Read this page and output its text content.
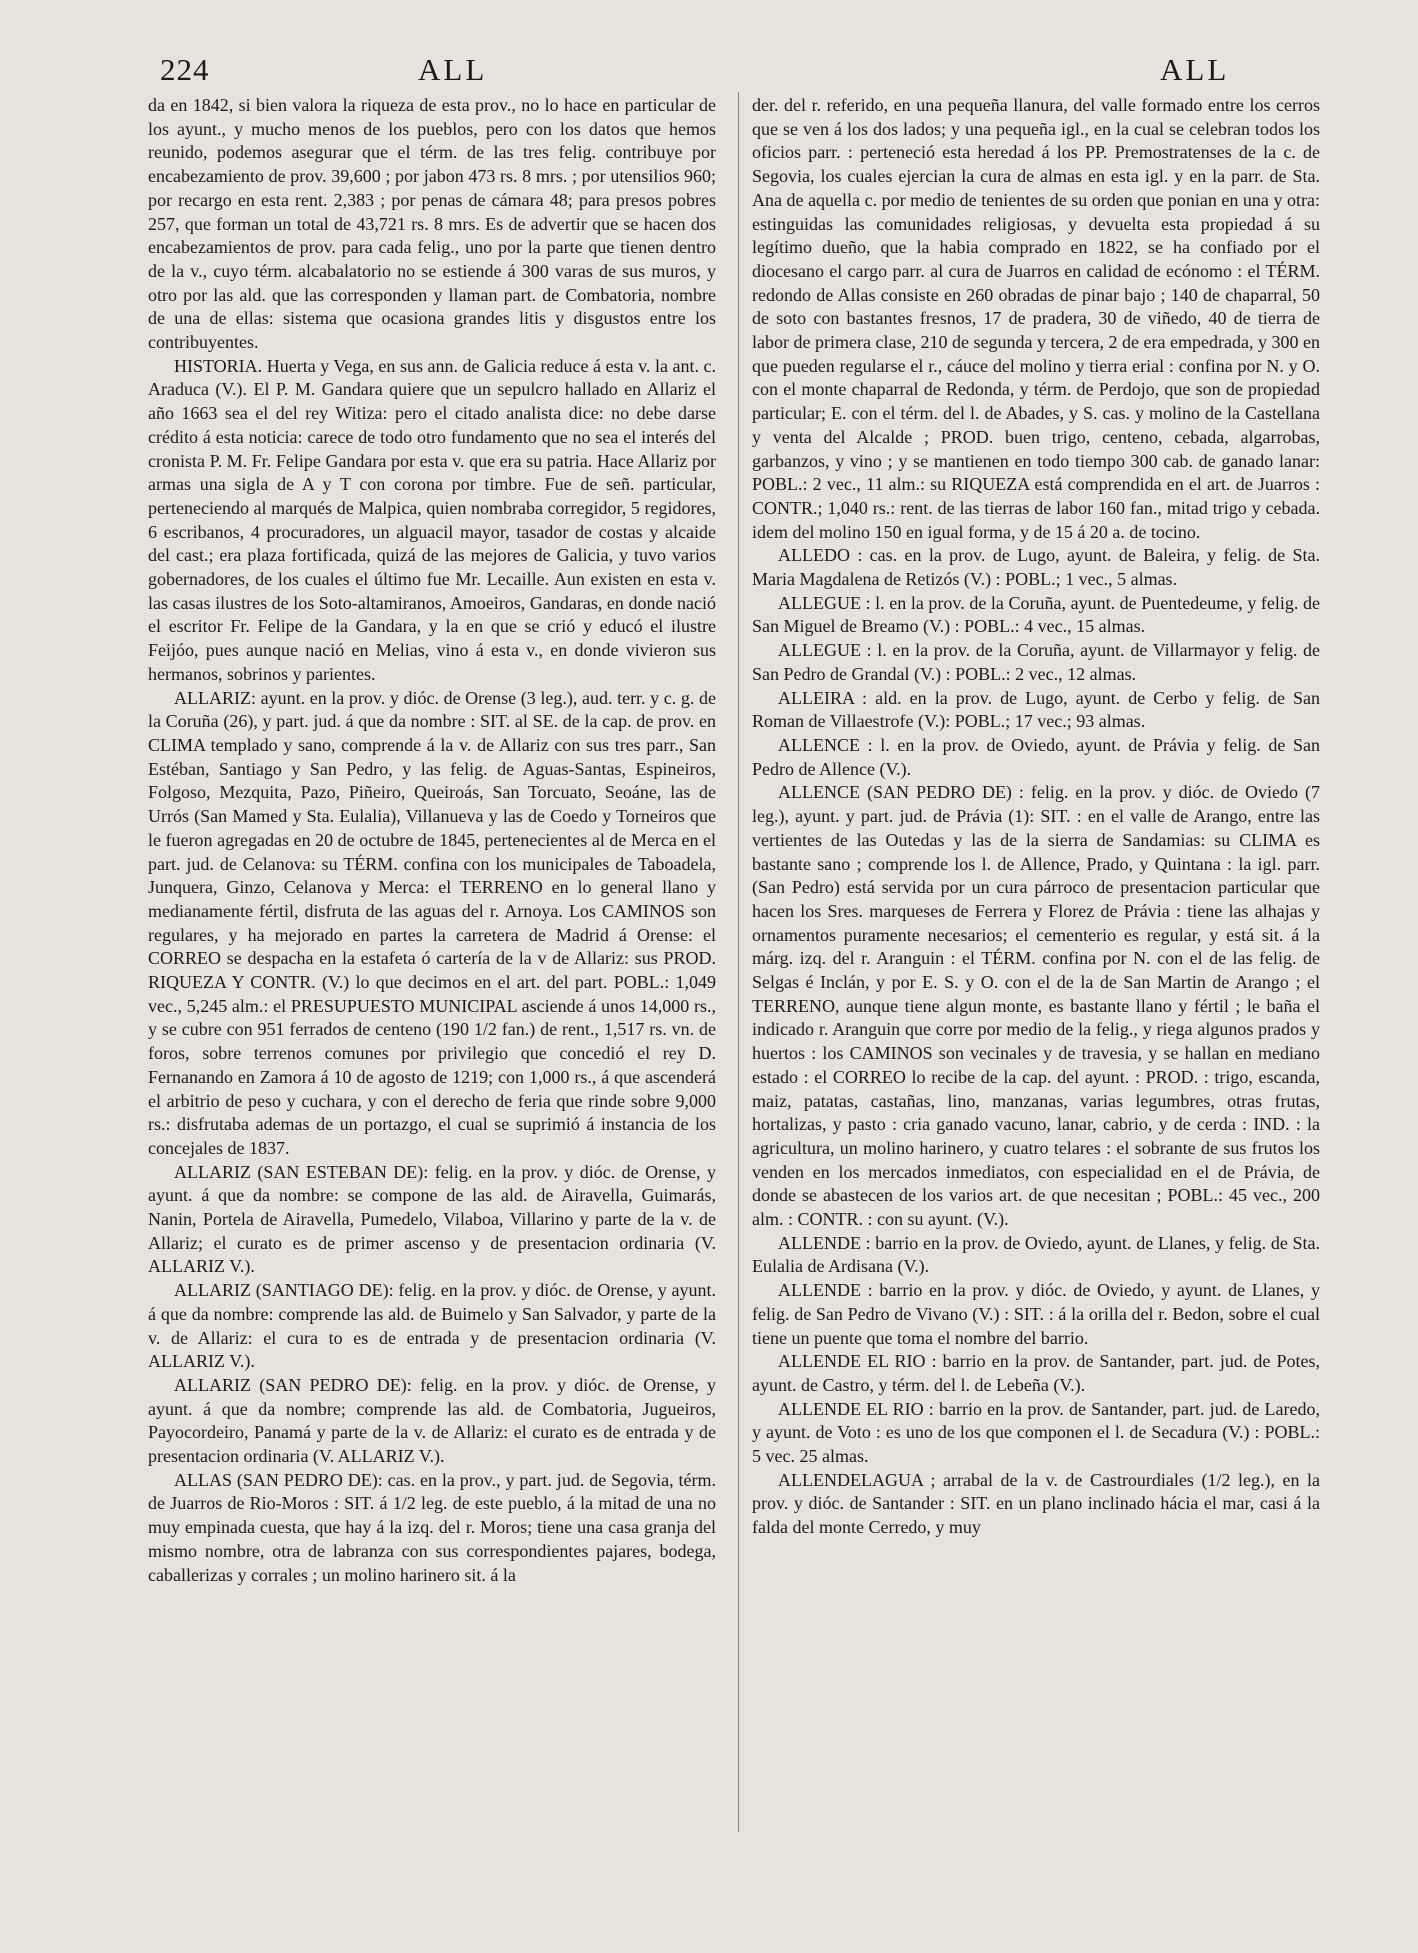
224	ALL	ALL

da en 1842, si bien valora la riqueza de esta prov., no lo hace en particular de los ayunt., y mucho menos de los pueblos, pero con los datos que hemos reunido, podemos asegurar que el térm. de las tres felig. contribuye por encabezamiento de prov. 39,600 ; por jabon 473 rs. 8 mrs. ; por utensilios 960; por recargo en esta rent. 2,383 ; por penas de cámara 48; para presos pobres 257, que forman un total de 43,721 rs. 8 mrs. Es de advertir que se hacen dos encabezamientos de prov. para cada felig., uno por la parte que tienen dentro de la v., cuyo térm. alcabalatorio no se estiende á 300 varas de sus muros, y otro por las ald. que las corresponden y llaman part. de Combatoria, nombre de una de ellas: sistema que ocasiona grandes litis y disgustos entre los contribuyentes.

HISTORIA. Huerta y Vega, en sus ann. de Galicia reduce á esta v. la ant. c. Araduca (V.). El P. M. Gandara quiere que un sepulcro hallado en Allariz el año 1663 sea el del rey Witiza: pero el citado analista dice: no debe darse crédito á esta noticia: carece de todo otro fundamento que no sea el interés del cronista P. M. Fr. Felipe Gandara por esta v. que era su patria. Hace Allariz por armas una sigla de A y T con corona por timbre. Fue de señ. particular, perteneciendo al marqués de Malpica, quien nombraba corregidor, 5 regidores, 6 escribanos, 4 procuradores, un alguacil mayor, tasador de costas y alcaide del cast.; era plaza fortificada, quizá de las mejores de Galicia, y tuvo varios gobernadores, de los cuales el último fue Mr. Lecaille. Aun existen en esta v. las casas ilustres de los Soto-altamiranos, Amoeiros, Gandaras, en donde nació el escritor Fr. Felipe de la Gandara, y la en que se crió y educó el ilustre Feijóo, pues aunque nació en Melias, vino á esta v., en donde vivieron sus hermanos, sobrinos y parientes.

ALLARIZ: ayunt. en la prov. y dióc. de Orense (3 leg.), aud. terr. y c. g. de la Coruña (26), y part. jud. á que da nombre : SIT. al SE. de la cap. de prov. en CLIMA templado y sano, comprende á la v. de Allariz con sus tres parr., San Estéban, Santiago y San Pedro, y las felig. de Aguas-Santas, Espineiros, Folgoso, Mezquita, Pazo, Piñeiro, Queiroás, San Torcuato, Seoáne, las de Urrós (San Mamed y Sta. Eulalia), Villanueva y las de Coedo y Torneiros que le fueron agregadas en 20 de octubre de 1845, pertenecientes al de Merca en el part. jud. de Celanova: su TÉRM. confina con los municipales de Taboadela, Junquera, Ginzo, Celanova y Merca: el TERRENO en lo general llano y medianamente fértil, disfruta de las aguas del r. Arnoya. Los CAMINOS son regulares, y ha mejorado en partes la carretera de Madrid á Orense: el CORREO se despacha en la estafeta ó cartería de la v de Allariz: sus PROD. RIQUEZA Y CONTR. (V.) lo que decimos en el art. del part. POBL.: 1,049 vec., 5,245 alm.: el PRESUPUESTO MUNICIPAL asciende á unos 14,000 rs., y se cubre con 951 ferrados de centeno (190 1/2 fan.) de rent., 1,517 rs. vn. de foros, sobre terrenos comunes por privilegio que concedió el rey D. Fernanando en Zamora á 10 de agosto de 1219; con 1,000 rs., á que ascenderá el arbitrio de peso y cuchara, y con el derecho de feria que rinde sobre 9,000 rs.: disfrutaba ademas de un portazgo, el cual se suprimió á instancia de los concejales de 1837.

ALLARIZ (SAN ESTEBAN DE): felig. en la prov. y dióc. de Orense, y ayunt. á que da nombre: se compone de las ald. de Airavella, Guimarás, Nanin, Portela de Airavella, Pumedelo, Vilaboa, Villarino y parte de la v. de Allariz; el curato es de primer ascenso y de presentacion ordinaria (V. ALLARIZ V.).

ALLARIZ (SANTIAGO DE): felig. en la prov. y dióc. de Orense, y ayunt. á que da nombre: comprende las ald. de Buimelo y San Salvador, y parte de la v. de Allariz: el cura to es de entrada y de presentacion ordinaria (V. ALLARIZ V.).

ALLARIZ (SAN PEDRO DE): felig. en la prov. y dióc. de Orense, y ayunt. á que da nombre; comprende las ald. de Combatoria, Jugueiros, Payocordeiro, Panamá y parte de la v. de Allariz: el curato es de entrada y de presentacion ordinaria (V. ALLARIZ V.).

ALLAS (SAN PEDRO DE): cas. en la prov., y part. jud. de Segovia, térm. de Juarros de Rio-Moros : SIT. á 1/2 leg. de este pueblo, á la mitad de una no muy empinada cuesta, que hay á la izq. del r. Moros; tiene una casa granja del mismo nombre, otra de labranza con sus correspondientes pajares, bodega, caballerizas y corrales ; un molino harinero sit. á la

der. del r. referido, en una pequeña llanura, del valle formado entre los cerros que se ven á los dos lados; y una pequeña igl., en la cual se celebran todos los oficios parr. : perteneció esta heredad á los PP. Premostratenses de la c. de Segovia, los cuales ejercian la cura de almas en esta igl. y en la parr. de Sta. Ana de aquella c. por medio de tenientes de su orden que ponian en una y otra: estinguidas las comunidades religiosas, y devuelta esta propiedad á su legítimo dueño, que la habia comprado en 1822, se ha confiado por el diocesano el cargo parr. al cura de Juarros en calidad de ecónomo : el TÉRM. redondo de Allas consiste en 260 obradas de pinar bajo ; 140 de chaparral, 50 de soto con bastantes fresnos, 17 de pradera, 30 de viñedo, 40 de tierra de labor de primera clase, 210 de segunda y tercera, 2 de era empedrada, y 300 en que pueden regularse el r., cáuce del molino y tierra erial : confina por N. y O. con el monte chaparral de Redonda, y térm. de Perdojo, que son de propiedad particular; E. con el térm. del l. de Abades, y S. cas. y molino de la Castellana y venta del Alcalde ; PROD. buen trigo, centeno, cebada, algarrobas, garbanzos, y vino ; y se mantienen en todo tiempo 300 cab. de ganado lanar: POBL.: 2 vec., 11 alm.: su RIQUEZA está comprendida en el art. de Juarros : CONTR.; 1,040 rs.: rent. de las tierras de labor 160 fan., mitad trigo y cebada. idem del molino 150 en igual forma, y de 15 á 20 a. de tocino.

ALLEDO : cas. en la prov. de Lugo, ayunt. de Baleira, y felig. de Sta. Maria Magdalena de Retizós (V.) : POBL.; 1 vec., 5 almas.

ALLEGUE : l. en la prov. de la Coruña, ayunt. de Puentedeume, y felig. de San Miguel de Breamo (V.) : POBL.: 4 vec., 15 almas.

ALLEGUE : l. en la prov. de la Coruña, ayunt. de Villarmayor y felig. de San Pedro de Grandal (V.) : POBL.: 2 vec., 12 almas.

ALLEIRA : ald. en la prov. de Lugo, ayunt. de Cerbo y felig. de San Roman de Villaestrofe (V.): POBL.; 17 vec.; 93 almas.

ALLENCE : l. en la prov. de Oviedo, ayunt. de Právia y felig. de San Pedro de Allence (V.).

ALLENCE (SAN PEDRO DE) : felig. en la prov. y dióc. de Oviedo (7 leg.), ayunt. y part. jud. de Právia (1): SIT. : en el valle de Arango, entre las vertientes de las Outedas y las de la sierra de Sandamias: su CLIMA es bastante sano ; comprende los l. de Allence, Prado, y Quintana : la igl. parr. (San Pedro) está servida por un cura párroco de presentacion particular que hacen los Sres. marqueses de Ferrera y Florez de Právia : tiene las alhajas y ornamentos puramente necesarios; el cementerio es regular, y está sit. á la márg. izq. del r. Aranguin : el TÉRM. confina por N. con el de las felig. de Selgas é Inclán, y por E. S. y O. con el de la de San Martin de Arango ; el TERRENO, aunque tiene algun monte, es bastante llano y fértil ; le baña el indicado r. Aranguin que corre por medio de la felig., y riega algunos prados y huertos : los CAMINOS son vecinales y de travesia, y se hallan en mediano estado : el CORREO lo recibe de la cap. del ayunt. : PROD. : trigo, escanda, maiz, patatas, castañas, lino, manzanas, varias legumbres, otras frutas, hortalizas, y pasto : cria ganado vacuno, lanar, cabrio, y de cerda : IND. : la agricultura, un molino harinero, y cuatro telares : el sobrante de sus frutos los venden en los mercados inmediatos, con especialidad en el de Právia, de donde se abastecen de los varios art. de que necesitan ; POBL.: 45 vec., 200 alm. : CONTR. : con su ayunt. (V.).

ALLENDE : barrio en la prov. de Oviedo, ayunt. de Llanes, y felig. de Sta. Eulalia de Ardisana (V.).

ALLENDE : barrio en la prov. y dióc. de Oviedo, y ayunt. de Llanes, y felig. de San Pedro de Vivano (V.) : SIT. : á la orilla del r. Bedon, sobre el cual tiene un puente que toma el nombre del barrio.

ALLENDE EL RIO : barrio en la prov. de Santander, part. jud. de Potes, ayunt. de Castro, y térm. del l. de Lebeña (V.).

ALLENDE EL RIO : barrio en la prov. de Santander, part. jud. de Laredo, y ayunt. de Voto : es uno de los que componen el l. de Secadura (V.) : POBL.: 5 vec. 25 almas.

ALLENDELAGUA ; arrabal de la v. de Castrourdiales (1/2 leg.), en la prov. y dióc. de Santander : SIT. en un plano inclinado hácia el mar, casi á la falda del monte Cerredo, y muy
